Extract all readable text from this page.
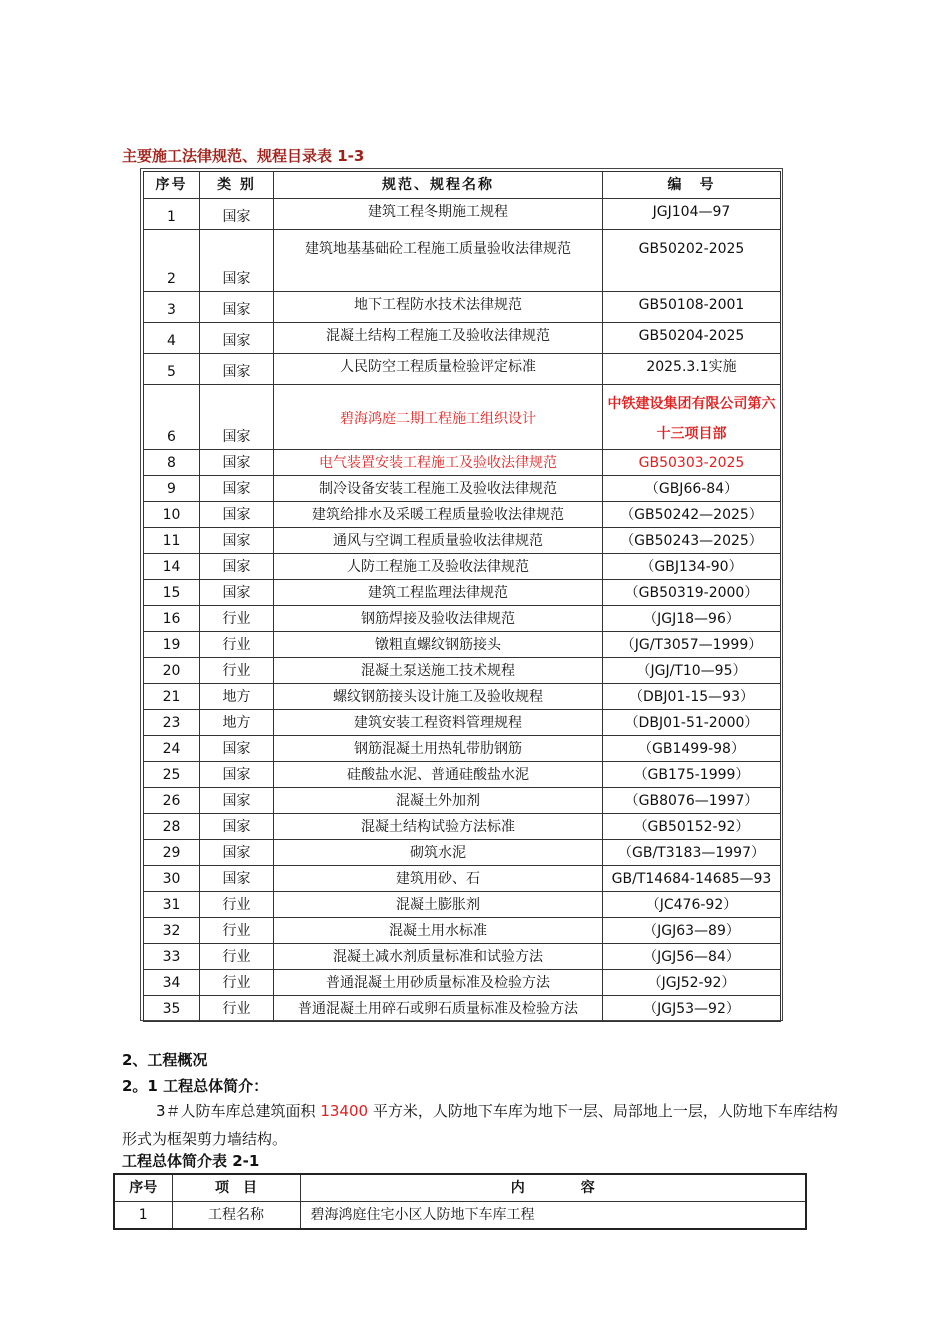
主要施工法律规范、规程目录表 1-3
序号	类 别	规范、规程名称	编　号
1	国家	建筑工程冬期施工规程	JGJ104—97
2	国家	建筑地基基础砼工程施工质量验收法律规范	GB50202-2025
3	国家	地下工程防水技术法律规范	GB50108-2001
4	国家	混凝土结构工程施工及验收法律规范	GB50204-2025
5	国家	人民防空工程质量检验评定标准	2025.3.1实施
6	国家	碧海鸿庭二期工程施工组织设计	中铁建设集团有限公司第六十三项目部
8	国家	电气装置安装工程施工及验收法律规范	GB50303-2025
9	国家	制冷设备安装工程施工及验收法律规范	（GBJ66-84）
10	国家	建筑给排水及采暖工程质量验收法律规范	（GB50242—2025）
11	国家	通风与空调工程质量验收法律规范	（GB50243—2025）
14	国家	人防工程施工及验收法律规范	（GBJ134-90）
15	国家	建筑工程监理法律规范	（GB50319-2000）
16	行业	钢筋焊接及验收法律规范	（JGJ18—96）
19	行业	镦粗直螺纹钢筋接头	（JG/T3057—1999）
20	行业	混凝土泵送施工技术规程	（JGJ/T10—95）
21	地方	螺纹钢筋接头设计施工及验收规程	（DBJ01-15—93）
23	地方	建筑安装工程资料管理规程	（DBJ01-51-2000）
24	国家	钢筋混凝土用热轧带肋钢筋	（GB1499-98）
25	国家	硅酸盐水泥、普通硅酸盐水泥	（GB175-1999）
26	国家	混凝土外加剂	（GB8076—1997）
28	国家	混凝土结构试验方法标准	（GB50152-92）
29	国家	砌筑水泥	（GB/T3183—1997）
30	国家	建筑用砂、石	GB/T14684-14685—93
31	行业	混凝土膨胀剂	（JC476-92）
32	行业	混凝土用水标准	（JGJ63—89）
33	行业	混凝土减水剂质量标准和试验方法	（JGJ56—84）
34	行业	普通混凝土用砂质量标准及检验方法	（JGJ52-92）
35	行业	普通混凝土用碎石或卵石质量标准及检验方法	（JGJ53—92）
2、工程概况
2。1 工程总体简介：
3＃人防车库总建筑面积 13400 平方米，人防地下车库为地下一层、局部地上一层，人防地下车库结构形式为框架剪力墙结构。
工程总体简介表 2-1
序号	项　目	内　　　　容
1	工程名称	碧海鸿庭住宅小区人防地下车库工程
